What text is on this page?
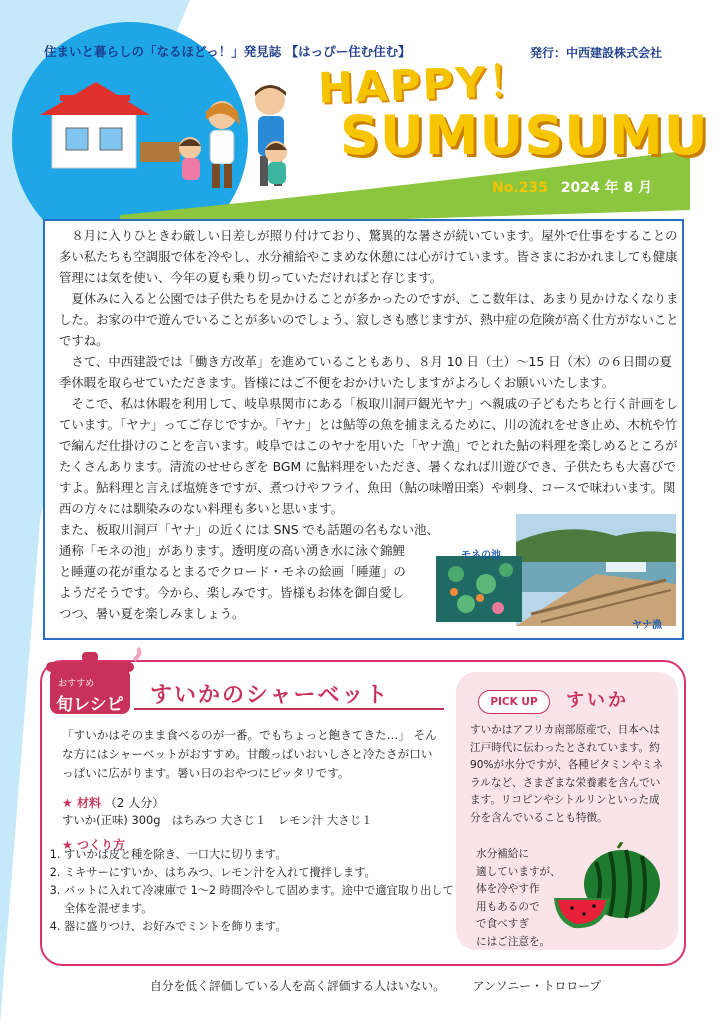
住まいと暮らしの「なるほどっ！」発見誌 【はっぴー住む住む】	発行：中西建設株式会社
HAPPY！
SUMUSUMU
No.235 2024 年 8 月

８月に入りひときわ厳しい日差しが照り付けており、驚異的な暑さが続いています。屋外で仕事をすることの多い私たちも空調服で体を冷やし、水分補給やこまめな休憩には心がけています。皆さまにおかれましても健康管理には気を使い、今年の夏も乗り切っていただければと存じます。

夏休みに入ると公園では子供たちを見かけることが多かったのですが、ここ数年は、あまり見かけなくなりました。お家の中で遊んでいることが多いのでしょう、寂しさも感じますが、熱中症の危険が高く仕方がないことですね。

さて、中西建設では「働き方改革」を進めていることもあり、８月 10 日（土）～15 日（木）の６日間の夏季休暇を取らせていただきます。皆様にはご不便をおかけいたしますがよろしくお願いいたします。

そこで、私は休暇を利用して、岐阜県関市にある「板取川洞戸観光ヤナ」へ親戚の子どもたちと行く計画をしています。「ヤナ」ってご存じですか。「ヤナ」とは鮎等の魚を捕まえるために、川の流れをせき止め、木杭や竹で編んだ仕掛けのことを言います。岐阜ではこのヤナを用いた「ヤナ漁」でとれた鮎の料理を楽しめるところがたくさんあります。清流のせせらぎを BGM に鮎料理をいただき、暑くなれば川遊びでき、子供たちも大喜びですよ。鮎料理と言えば塩焼きですが、煮つけやフライ、魚田（鮎の味噌田楽）や刺身、コースで味わいます。関西の方々には馴染みのない料理も多いと思います。

また、板取川洞戸「ヤナ」の近くには SNS でも話題の名もない池、
通称「モネの池」があります。透明度の高い湧き水に泳ぐ錦鯉
と睡蓮の花が重なるとまるでクロード・モネの絵画「睡蓮」の
ようだそうです。今から、楽しみです。皆様もお体を御自愛し
つつ、暑い夏を楽しみましょう。
モネの池
ヤナ漁
おすすめ
旬レシピ すいかのシャーベット
「すいかはそのまま食べるのが一番。でもちょっと飽きてきた…」 そんな方にはシャーベットがおすすめ。甘酸っぱいおいしさと冷たさが口いっぱいに広がります。暑い日のおやつにピッタリです。
★ 材料 （2 人分）
すいか(正味) 300g　はちみつ 大さじ１　レモン汁 大さじ１
★ つくり方
1. すいかは皮と種を除き、一口大に切ります。
2. ミキサーにすいか、はちみつ、レモン汁を入れて攪拌します。
3. バットに入れて冷凍庫で 1～2 時間冷やして固めます。途中で適宜取り出して全体を混ぜます。
4. 器に盛りつけ、お好みでミントを飾ります。
PICK UP	すいか
すいかはアフリカ南部原産で、日本へは江戸時代に伝わったとされています。約 90%が水分ですが、各種ビタミンやミネラルなど、さまざまな栄養素を含んでいます。リコピンやシトルリンといった成分を含んでいることも特徴。
水分補給に
適していますが、
体を冷やす作
用もあるので
で食べすぎ
にはご注意を。
自分を低く評価している人を高く評価する人はいない。 アンソニー・トロロープ
